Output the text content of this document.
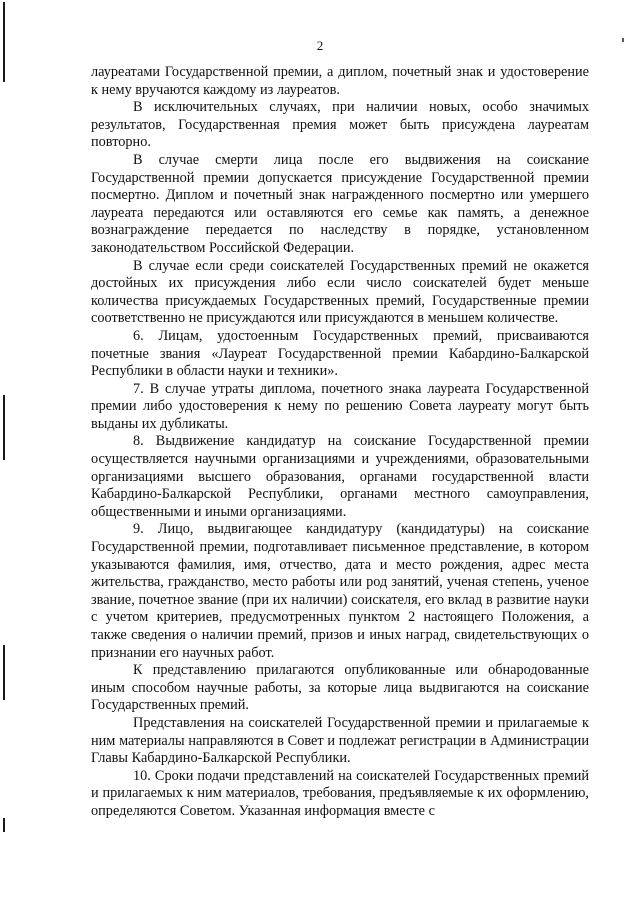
2

лауреатами Государственной премии, а диплом, почетный знак и удостоверение к нему вручаются каждому из лауреатов.

В исключительных случаях, при наличии новых, особо значимых результатов, Государственная премия может быть присуждена лауреатам повторно.

В случае смерти лица после его выдвижения на соискание Государственной премии допускается присуждение Государственной премии посмертно. Диплом и почетный знак награжденного посмертно или умершего лауреата передаются или оставляются его семье как память, а денежное вознаграждение передается по наследству в порядке, установленном законодательством Российской Федерации.

В случае если среди соискателей Государственных премий не окажется достойных их присуждения либо если число соискателей будет меньше количества присуждаемых Государственных премий, Государственные премии соответственно не присуждаются или присуждаются в меньшем количестве.

6. Лицам, удостоенным Государственных премий, присваиваются почетные звания «Лауреат Государственной премии Кабардино-Балкарской Республики в области науки и техники».

7. В случае утраты диплома, почетного знака лауреата Государственной премии либо удостоверения к нему по решению Совета лауреату могут быть выданы их дубликаты.

8. Выдвижение кандидатур на соискание Государственной премии осуществляется научными организациями и учреждениями, образовательными организациями высшего образования, органами государственной власти Кабардино-Балкарской Республики, органами местного самоуправления, общественными и иными организациями.

9. Лицо, выдвигающее кандидатуру (кандидатуры) на соискание Государственной премии, подготавливает письменное представление, в котором указываются фамилия, имя, отчество, дата и место рождения, адрес места жительства, гражданство, место работы или род занятий, ученая степень, ученое звание, почетное звание (при их наличии) соискателя, его вклад в развитие науки с учетом критериев, предусмотренных пунктом 2 настоящего Положения, а также сведения о наличии премий, призов и иных наград, свидетельствующих о признании его научных работ.

К представлению прилагаются опубликованные или обнародованные иным способом научные работы, за которые лица выдвигаются на соискание Государственных премий.

Представления на соискателей Государственной премии и прилагаемые к ним материалы направляются в Совет и подлежат регистрации в Администрации Главы Кабардино-Балкарской Республики.

10. Сроки подачи представлений на соискателей Государственных премий и прилагаемых к ним материалов, требования, предъявляемые к их оформлению, определяются Советом. Указанная информация вместе с
